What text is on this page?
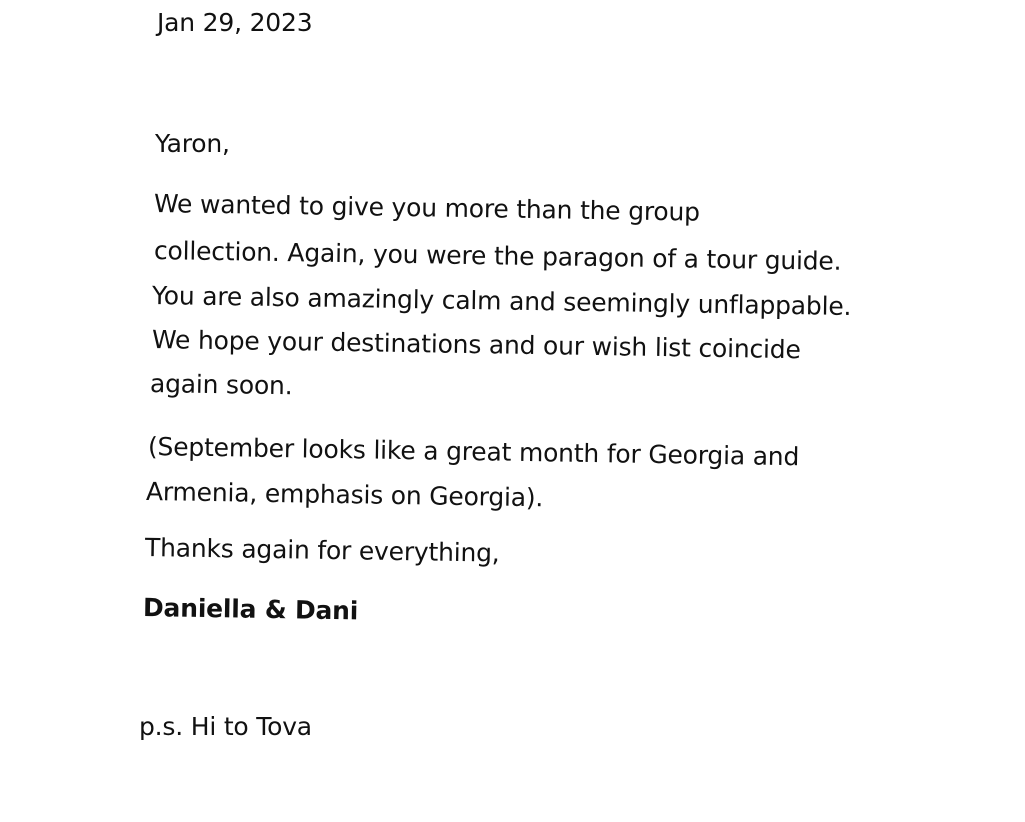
Jan 29, 2023
Yaron,
We wanted to give you more than the group
collection. Again, you were the paragon of a tour guide.
You are also amazingly calm and seemingly unflappable.
We hope your destinations and our wish list coincide
again soon.
(September looks like a great month for Georgia and
Armenia, emphasis on Georgia).
Thanks again for everything,
Daniella & Dani
p.s. Hi to Tova
